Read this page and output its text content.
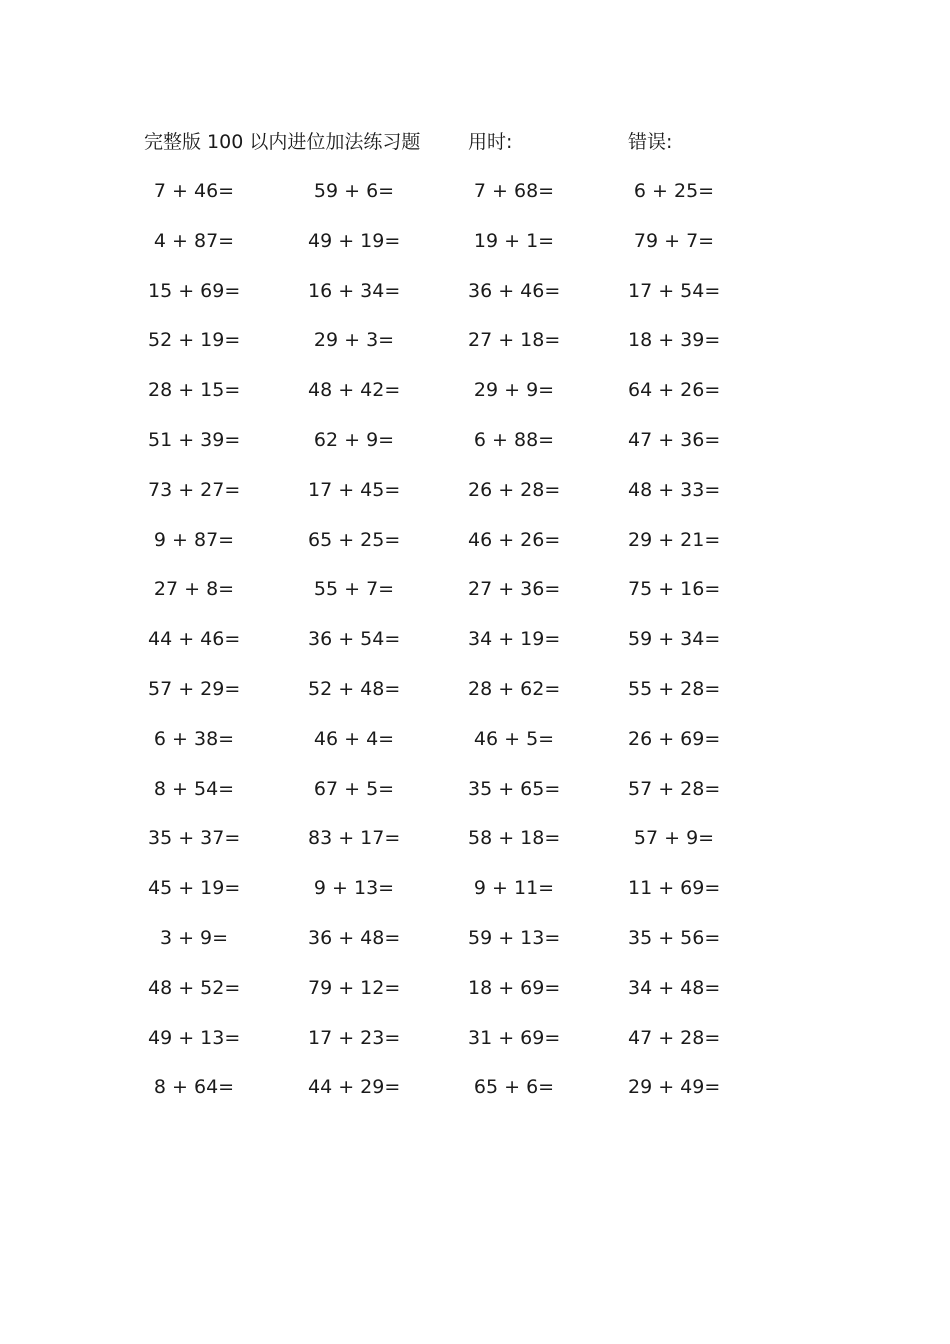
完整版 100 以内进位加法练习题	用时:	错误:
7 + 46=	59 + 6=	7 + 68=	6 + 25=
4 + 87=	49 + 19=	19 + 1=	79 + 7=
15 + 69=	16 + 34=	36 + 46=	17 + 54=
52 + 19=	29 + 3=	27 + 18=	18 + 39=
28 + 15=	48 + 42=	29 + 9=	64 + 26=
51 + 39=	62 + 9=	6 + 88=	47 + 36=
73 + 27=	17 + 45=	26 + 28=	48 + 33=
9 + 87=	65 + 25=	46 + 26=	29 + 21=
27 + 8=	55 + 7=	27 + 36=	75 + 16=
44 + 46=	36 + 54=	34 + 19=	59 + 34=
57 + 29=	52 + 48=	28 + 62=	55 + 28=
6 + 38=	46 + 4=	46 + 5=	26 + 69=
8 + 54=	67 + 5=	35 + 65=	57 + 28=
35 + 37=	83 + 17=	58 + 18=	57 + 9=
45 + 19=	9 + 13=	9 + 11=	11 + 69=
3 + 9=	36 + 48=	59 + 13=	35 + 56=
48 + 52=	79 + 12=	18 + 69=	34 + 48=
49 + 13=	17 + 23=	31 + 69=	47 + 28=
8 + 64=	44 + 29=	65 + 6=	29 + 49=
